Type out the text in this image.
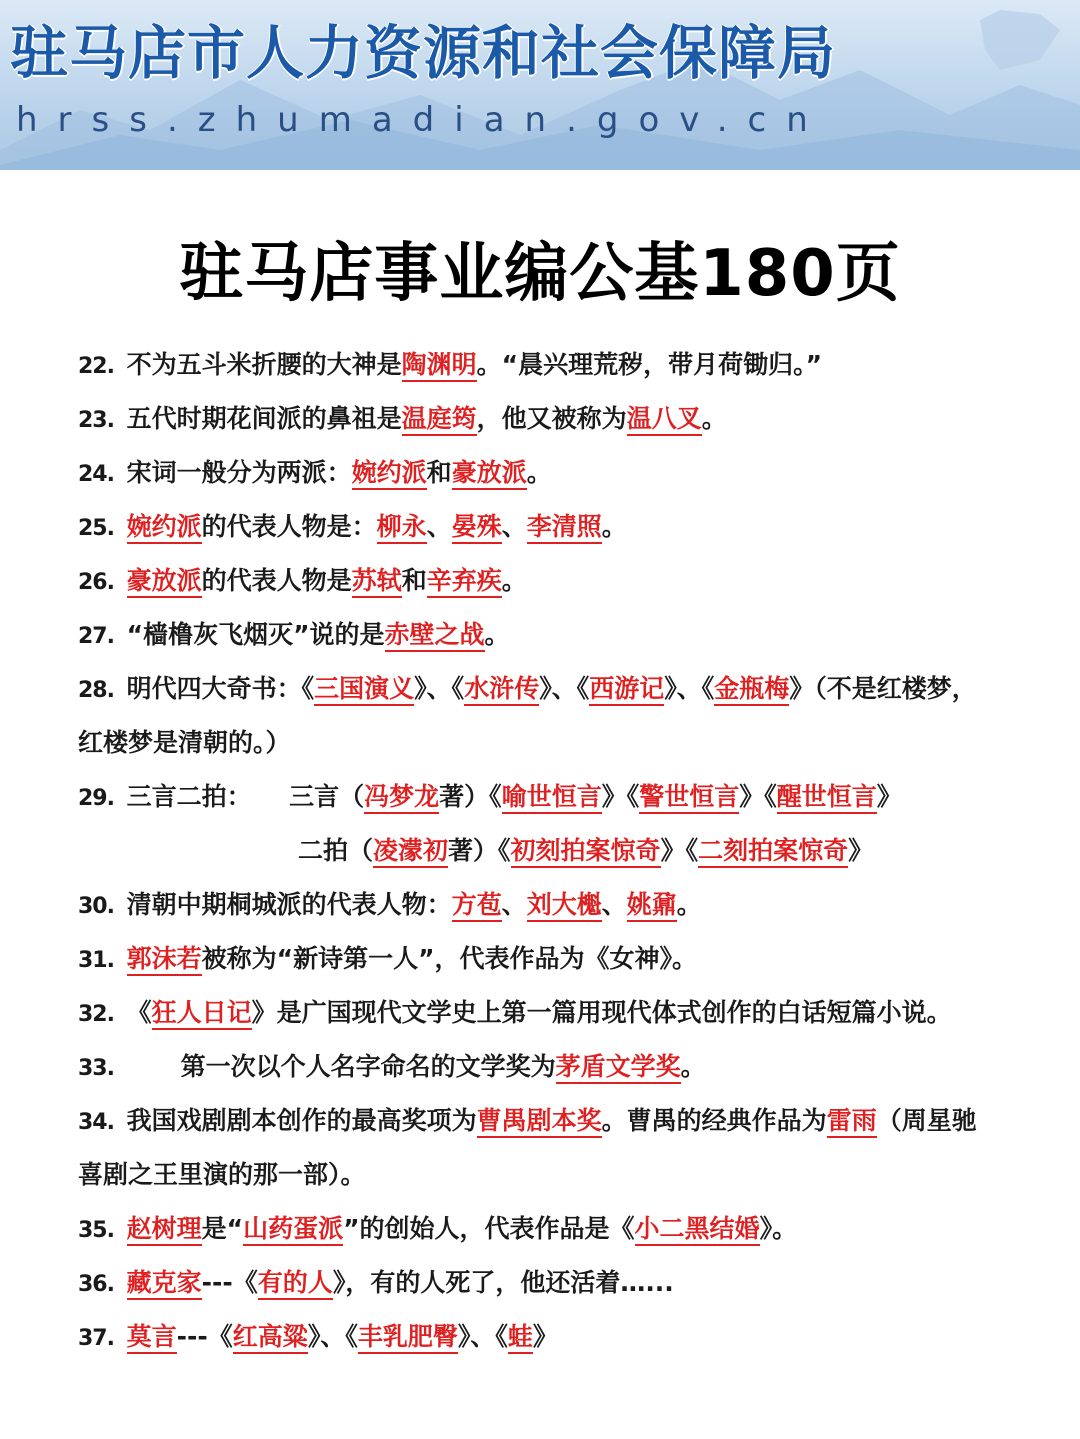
驻马店市人力资源和社会保障局
hrss.zhumadian.gov.cn
驻马店事业编公基180页
22. 不为五斗米折腰的大神是陶渊明。“晨兴理荒秽，带月荷锄归。”
23. 五代时期花间派的鼻祖是温庭筠，他又被称为温八叉。
24. 宋词一般分为两派：婉约派和豪放派。
25. 婉约派的代表人物是：柳永、晏殊、李清照。
26. 豪放派的代表人物是苏轼和辛弃疾。
27. “樯橹灰飞烟灭”说的是赤壁之战。
28. 明代四大奇书：《三国演义》、《水浒传》、《西游记》、《金瓶梅》（不是红楼梦，
红楼梦是清朝的。）
29. 三言二拍：　　三言（冯梦龙著）《喻世恒言》《警世恒言》《醒世恒言》
二拍（凌濛初著）《初刻拍案惊奇》《二刻拍案惊奇》
30. 清朝中期桐城派的代表人物：方苞、刘大櫆、姚鼐。
31. 郭沫若被称为“新诗第一人”，代表作品为《女神》。
32. 《狂人日记》是广国现代文学史上第一篇用现代体式创作的白话短篇小说。
33. 第一次以个人名字命名的文学奖为茅盾文学奖。
34. 我国戏剧剧本创作的最高奖项为曹禺剧本奖。曹禺的经典作品为雷雨（周星驰
喜剧之王里演的那一部）。
35. 赵树理是“山药蛋派”的创始人，代表作品是《小二黑结婚》。
36. 藏克家---《有的人》，有的人死了，他还活着…...
37. 莫言---《红高粱》、《丰乳肥臀》、《蛙》
